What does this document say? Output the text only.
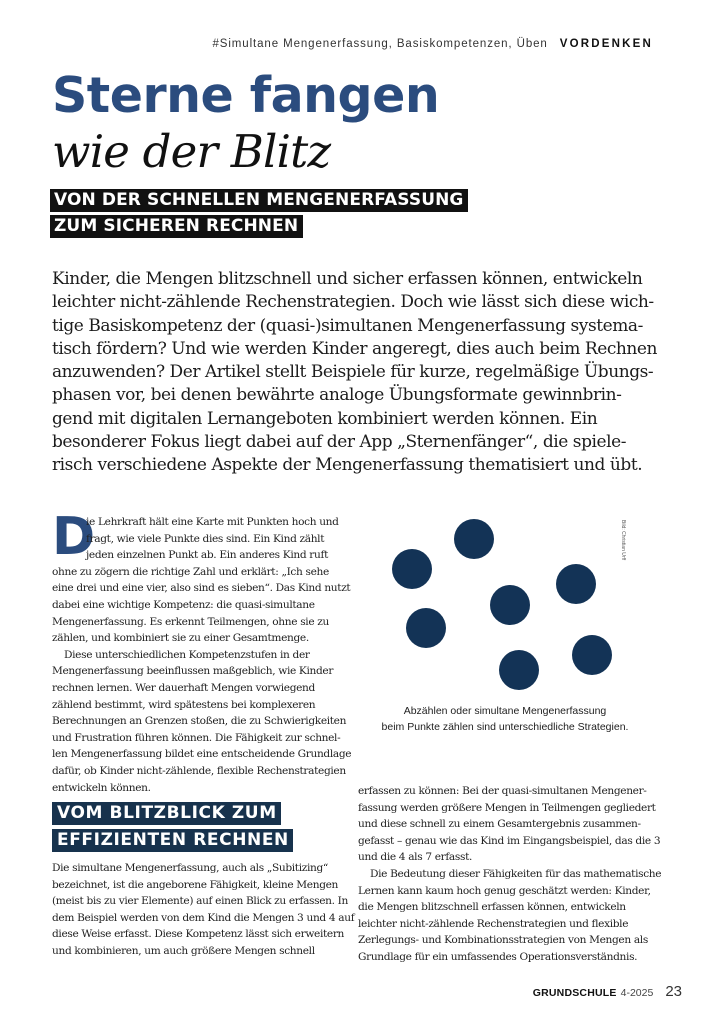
#Simultane Mengenerfassung, Basiskompetenzen, Üben VORDENKEN
Sterne fangen
wie der Blitz
VON DER SCHNELLEN MENGENERFASSUNG
ZUM SICHEREN RECHNEN
Kinder, die Mengen blitzschnell und sicher erfassen können, entwickeln
leichter nicht-zählende Rechenstrategien. Doch wie lässt sich diese wich-
tige Basiskompetenz der (quasi-)simultanen Mengenerfassung systema-
tisch fördern? Und wie werden Kinder angeregt, dies auch beim Rechnen
anzuwenden? Der Artikel stellt Beispiele für kurze, regelmäßige Übungs-
phasen vor, bei denen bewährte analoge Übungsformate gewinnbrin-
gend mit digitalen Lernangeboten kombiniert werden können. Ein
besonderer Fokus liegt dabei auf der App „Sternenfänger“, die spiele-
risch verschiedene Aspekte der Mengenerfassung thematisiert und übt.
D
ie Lehrkraft hält eine Karte mit Punkten hoch und
fragt, wie viele Punkte dies sind. Ein Kind zählt
jeden einzelnen Punkt ab. Ein anderes Kind ruft
ohne zu zögern die richtige Zahl und erklärt: „Ich sehe
eine drei und eine vier, also sind es sieben“. Das Kind nutzt
dabei eine wichtige Kompetenz: die quasi-simultane
Mengenerfassung. Es erkennt Teilmengen, ohne sie zu
zählen, und kombiniert sie zu einer Gesamtmenge.
Diese unterschiedlichen Kompetenzstufen in der
Mengenerfassung beeinflussen maßgeblich, wie Kinder
rechnen lernen. Wer dauerhaft Mengen vorwiegend
zählend bestimmt, wird spätestens bei komplexeren
Berechnungen an Grenzen stoßen, die zu Schwierigkeiten
und Frustration führen können. Die Fähigkeit zur schnel-
len Mengenerfassung bildet eine entscheidende Grundlage
dafür, ob Kinder nicht-zählende, flexible Rechenstrategien
entwickeln können.
VOM BLITZBLICK ZUM
EFFIZIENTEN RECHNEN
Die simultane Mengenerfassung, auch als „Subitizing“
bezeichnet, ist die angeborene Fähigkeit, kleine Mengen
(meist bis zu vier Elemente) auf einen Blick zu erfassen. In
dem Beispiel werden von dem Kind die Mengen 3 und 4 auf
diese Weise erfasst. Diese Kompetenz lässt sich erweitern
und kombinieren, um auch größere Mengen schnell
Bild: Christian Urff
Abzählen oder simultane Mengenerfassung
beim Punkte zählen sind unterschiedliche Strategien.
erfassen zu können: Bei der quasi-simultanen Mengener-
fassung werden größere Mengen in Teilmengen gegliedert
und diese schnell zu einem Gesamtergebnis zusammen-
gefasst – genau wie das Kind im Eingangsbeispiel, das die 3
und die 4 als 7 erfasst.
Die Bedeutung dieser Fähigkeiten für das mathematische
Lernen kann kaum hoch genug geschätzt werden: Kinder,
die Mengen blitzschnell erfassen können, entwickeln
leichter nicht-zählende Rechenstrategien und flexible
Zerlegungs- und Kombinationsstrategien von Mengen als
Grundlage für ein umfassendes Operationsverständnis.
GRUNDSCHULE 4-2025 23
